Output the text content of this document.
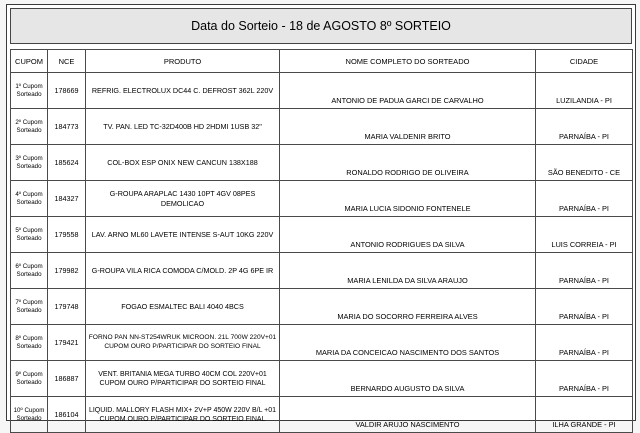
Data do Sorteio - 18 de AGOSTO 8º SORTEIO
CUPOM	NCE	PRODUTO	NOME COMPLETO DO SORTEADO	CIDADE
1º Cupom Sorteado	178669	REFRIG. ELECTROLUX DC44 C. DEFROST 362L 220V	ANTONIO DE PADUA GARCI DE CARVALHO	LUZILANDIA - PI
2º Cupom Sorteado	184773	TV. PAN. LED TC-32D400B HD 2HDMI 1USB 32"	MARIA VALDENIR BRITO	PARNAÍBA - PI
3º Cupom Sorteado	185624	COL-BOX ESP ONIX NEW CANCUN 138X188	RONALDO RODRIGO DE OLIVEIRA	SÃO BENEDITO - CE
4º Cupom Sorteado	184327	G-ROUPA ARAPLAC 1430 10PT 4GV 08PES DEMOLICAO	MARIA LUCIA SIDONIO FONTENELE	PARNAÍBA - PI
5º Cupom Sorteado	179558	LAV. ARNO ML60 LAVETE INTENSE S-AUT 10KG 220V	ANTONIO RODRIGUES DA SILVA	LUIS CORREIA - PI
6º Cupom Sorteado	179982	G-ROUPA VILA RICA COMODA C/MOLD. 2P 4G 6PE IR	MARIA LENILDA DA SILVA ARAUJO	PARNAÍBA - PI
7º Cupom Sorteado	179748	FOGAO ESMALTEC BALI 4040 4BCS	MARIA DO SOCORRO FERREIRA ALVES	PARNAÍBA - PI
8º Cupom Sorteado	179421	FORNO PAN NN-ST254WRUK MICROON. 21L 700W 220V+01 CUPOM OURO P/PARTICIPAR DO SORTEIO FINAL	MARIA DA CONCEICAO NASCIMENTO DOS SANTOS	PARNAÍBA - PI
9º Cupom Sorteado	186887	VENT. BRITANIA MEGA TURBO 40CM COL 220V+01 CUPOM OURO P/PARTICIPAR DO SORTEIO FINAL	BERNARDO AUGUSTO DA SILVA	PARNAÍBA - PI
10º Cupom Sorteado	186104	LIQUID. MALLORY FLASH MIX+ 2V+P 450W 220V B/L +01 CUPOM OURO P/PARTICIPAR DO SORTEIO FINAL	VALDIR ARUJO NASCIMENTO	ILHA GRANDE - PI
